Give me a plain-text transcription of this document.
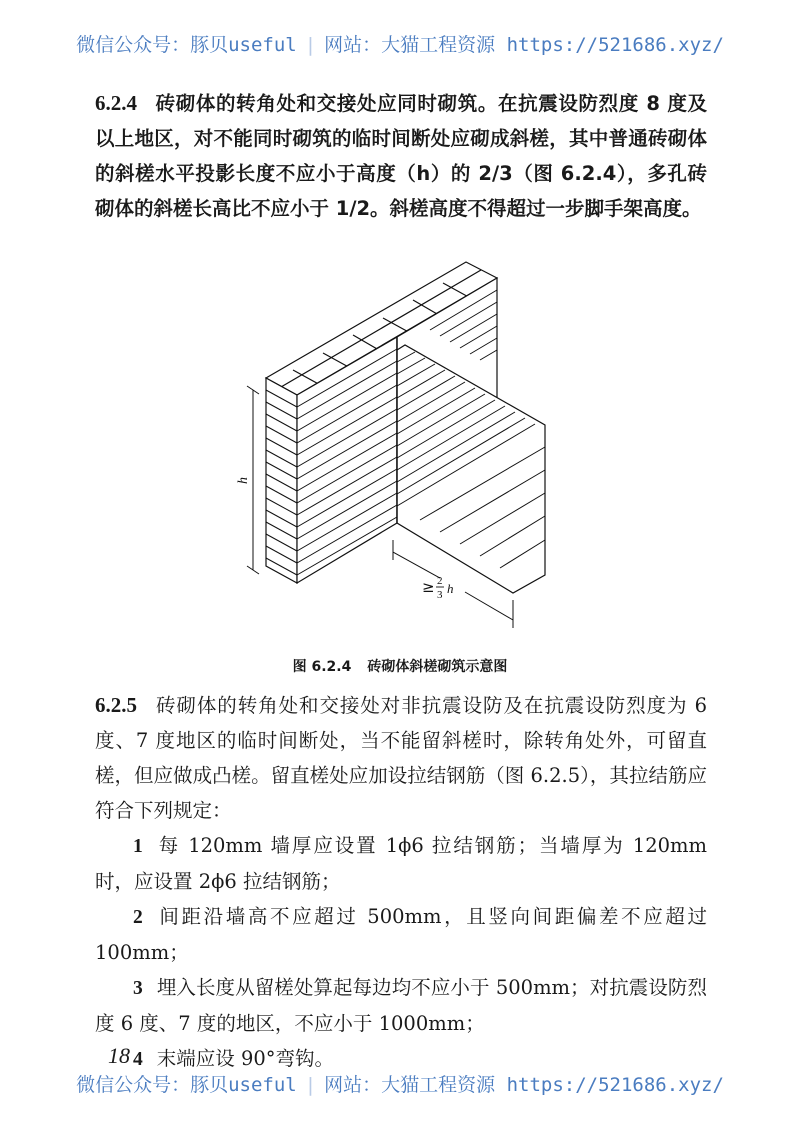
微信公众号：豚贝useful | 网站：大猫工程资源 https://521686.xyz/

6.2.4 砖砌体的转角处和交接处应同时砌筑。在抗震设防烈度 8 度及以上地区，对不能同时砌筑的临时间断处应砌成斜槎，其中普通砖砌体的斜槎水平投影长度不应小于高度（h）的 2/3（图 6.2.4），多孔砖砌体的斜槎长高比不应小于 1/2。斜槎高度不得超过一步脚手架高度。

h
≥ 2
3 h
图 6.2.4 砖砌体斜槎砌筑示意图

6.2.5 砖砌体的转角处和交接处对非抗震设防及在抗震设防烈度为 6 度、7 度地区的临时间断处，当不能留斜槎时，除转角处外，可留直槎，但应做成凸槎。留直槎处应加设拉结钢筋（图 6.2.5），其拉结筋应符合下列规定：

1 每 120mm 墙厚应设置 1ϕ6 拉结钢筋；当墙厚为 120mm 时，应设置 2ϕ6 拉结钢筋；

2 间距沿墙高不应超过 500mm，且竖向间距偏差不应超过 100mm；

3 埋入长度从留槎处算起每边均不应小于 500mm；对抗震设防烈度 6 度、7 度的地区，不应小于 1000mm；

4 末端应设 90°弯钩。

18
微信公众号：豚贝useful | 网站：大猫工程资源 https://521686.xyz/
